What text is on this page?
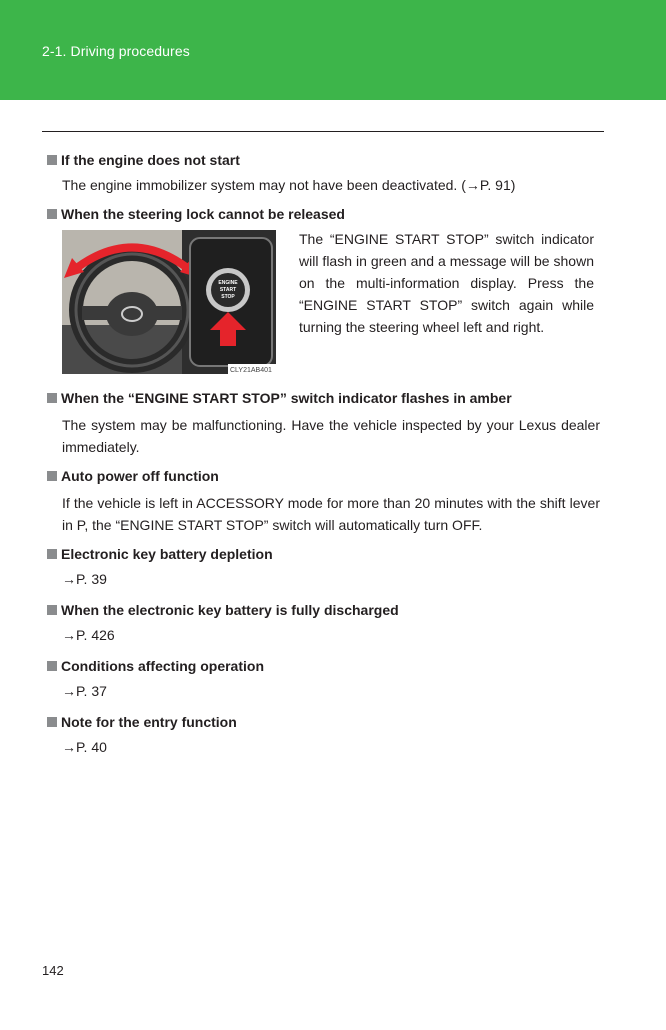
2-1. Driving procedures
If the engine does not start
The engine immobilizer system may not have been deactivated. (→P. 91)
When the steering lock cannot be released
ENGINE
START
STOP
CLY21AB401
The “ENGINE START STOP” switch indicator will flash in green and a message will be shown on the multi-information display. Press the “ENGINE START STOP” switch again while turning the steering wheel left and right.
When the “ENGINE START STOP” switch indicator flashes in amber
The system may be malfunctioning. Have the vehicle inspected by your Lexus dealer immediately.
Auto power off function
If the vehicle is left in ACCESSORY mode for more than 20 minutes with the shift lever in P, the “ENGINE START STOP” switch will automatically turn OFF.
Electronic key battery depletion
→P. 39
When the electronic key battery is fully discharged
→P. 426
Conditions affecting operation
→P. 37
Note for the entry function
→P. 40
142
